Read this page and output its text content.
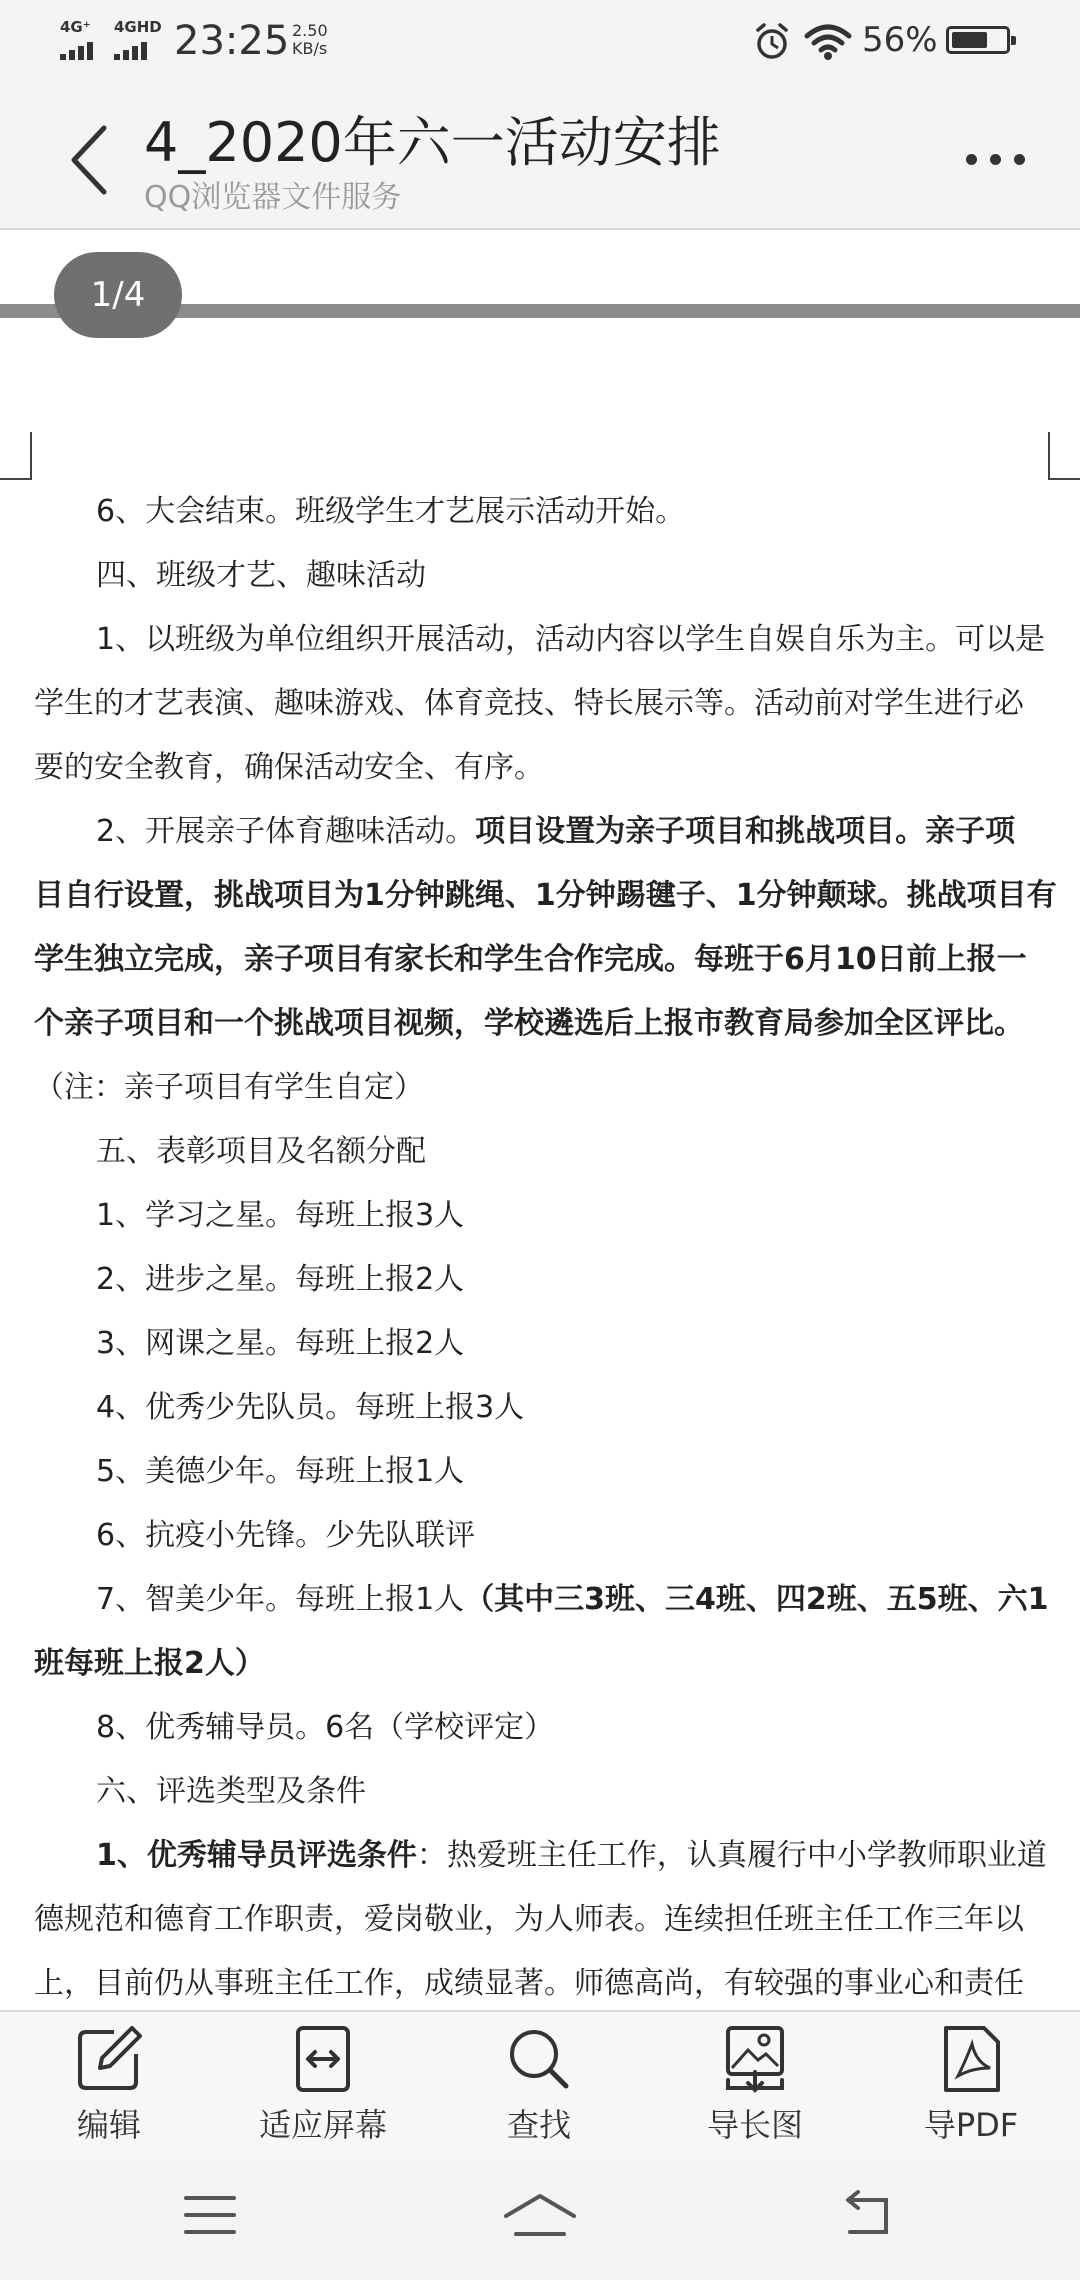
4G⁺ 4GHD 23:25 2.50
KB/s	56%
4_2020年六一活动安排
QQ浏览器文件服务
1/4

6、大会结束。班级学生才艺展示活动开始。

四、班级才艺、趣味活动

1、以班级为单位组织开展活动，活动内容以学生自娱自乐为主。可以是

学生的才艺表演、趣味游戏、体育竞技、特长展示等。活动前对学生进行必

要的安全教育，确保活动安全、有序。

2、开展亲子体育趣味活动。项目设置为亲子项目和挑战项目。亲子项

目自行设置，挑战项目为1分钟跳绳、1分钟踢毽子、1分钟颠球。挑战项目有

学生独立完成，亲子项目有家长和学生合作完成。每班于6月10日前上报一

个亲子项目和一个挑战项目视频，学校遴选后上报市教育局参加全区评比。

（注：亲子项目有学生自定）

五、表彰项目及名额分配

1、学习之星。每班上报3人

2、进步之星。每班上报2人

3、网课之星。每班上报2人

4、优秀少先队员。每班上报3人

5、美德少年。每班上报1人

6、抗疫小先锋。少先队联评

7、智美少年。每班上报1人（其中三3班、三4班、四2班、五5班、六1

班每班上报2人）

8、优秀辅导员。6名（学校评定）

六、评选类型及条件

1、优秀辅导员评选条件：热爱班主任工作，认真履行中小学教师职业道

德规范和德育工作职责，爱岗敬业，为人师表。连续担任班主任工作三年以

上，目前仍从事班主任工作，成绩显著。师德高尚，有较强的事业心和责任

编辑	适应屏幕	查找	导长图	导PDF
